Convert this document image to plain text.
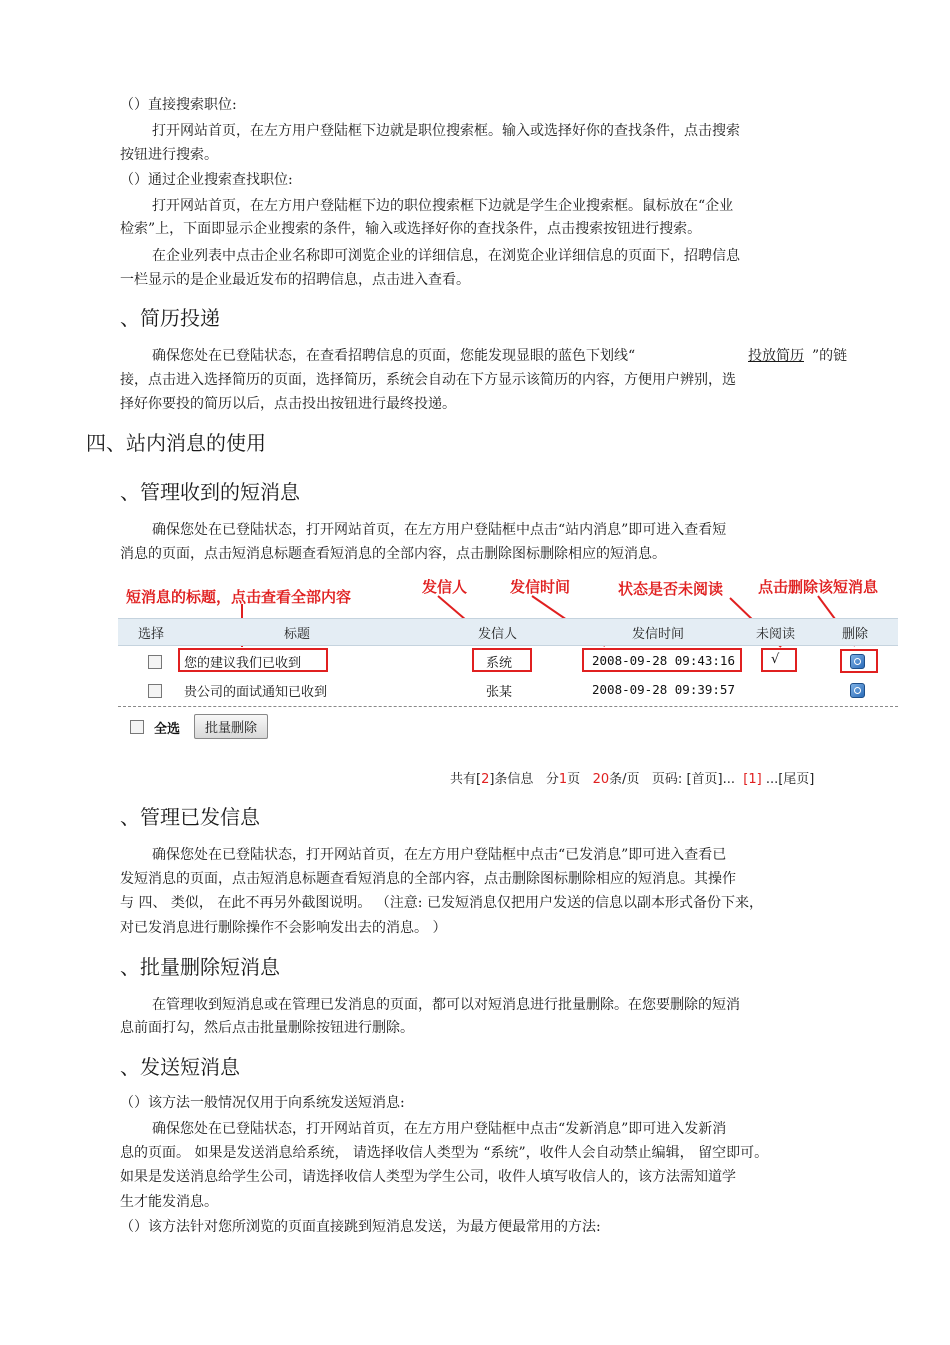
（）直接搜索职位:
打开网站首页，在左方用户登陆框下边就是职位搜索框。输入或选择好你的查找条件，点击搜索
按钮进行搜索。
（）通过企业搜索查找职位:
打开网站首页，在左方用户登陆框下边的职位搜索框下边就是学生企业搜索框。鼠标放在“企业
检索”上，下面即显示企业搜索的条件，输入或选择好你的查找条件，点击搜索按钮进行搜索。
在企业列表中点击企业名称即可浏览企业的详细信息，在浏览企业详细信息的页面下，招聘信息
一栏显示的是企业最近发布的招聘信息，点击进入查看。
、简历投递
确保您处在已登陆状态，在查看招聘信息的页面，您能发现显眼的蓝色下划线“	投放简历 ”的链
接，点击进入选择简历的页面，选择简历，系统会自动在下方显示该简历的内容，方便用户辨别，选
择好你要投的简历以后，点击投出按钮进行最终投递。
四、站内消息的使用
、管理收到的短消息
确保您处在已登陆状态，打开网站首页，在左方用户登陆框中点击“站内消息”即可进入查看短
消息的页面，点击短消息标题查看短消息的全部内容，点击删除图标删除相应的短消息。
短消息的标题，点击查看全部内容
发信人	发信时间	状态是否未阅读 点击删除该短消息
选择	标题	发信人	发信时间	未阅读	删除
您的建议我们已收到	系统	2008-09-28 09:43:16	√
贵公司的面试通知已收到	张某	2008-09-28 09:39:57
全选	批量删除
共有[2]条信息 分1页 20条/页 页码: [首页]... [1] ...[尾页]
、管理已发信息
确保您处在已登陆状态，打开网站首页，在左方用户登陆框中点击“已发消息”即可进入查看已
发短消息的页面，点击短消息标题查看短消息的全部内容，点击删除图标删除相应的短消息。其操作
与 四、 类似， 在此不再另外截图说明。 （注意: 已发短消息仅把用户发送的信息以副本形式备份下来，
对已发消息进行删除操作不会影响发出去的消息。 ）
、批量删除短消息
在管理收到短消息或在管理已发消息的页面，都可以对短消息进行批量删除。在您要删除的短消
息前面打勾，然后点击批量删除按钮进行删除。
、发送短消息
（）该方法一般情况仅用于向系统发送短消息:
确保您处在已登陆状态，打开网站首页，在左方用户登陆框中点击“发新消息”即可进入发新消
息的页面。 如果是发送消息给系统， 请选择收信人类型为 “系统”，收件人会自动禁止编辑， 留空即可。
如果是发送消息给学生公司，请选择收信人类型为学生公司，收件人填写收信人的，该方法需知道学
生才能发消息。
（）该方法针对您所浏览的页面直接跳到短消息发送，为最方便最常用的方法:
